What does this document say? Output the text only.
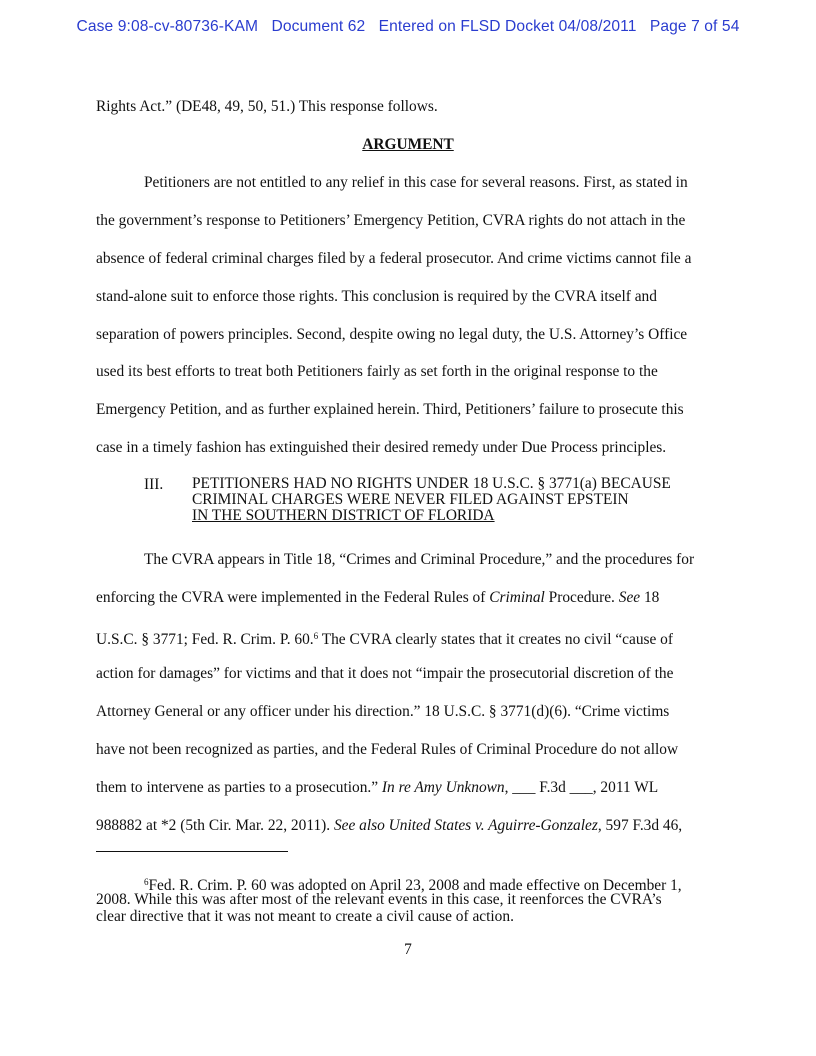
Case 9:08-cv-80736-KAM Document 62 Entered on FLSD Docket 04/08/2011 Page 7 of 54
Rights Act.” (DE48, 49, 50, 51.) This response follows.
ARGUMENT
Petitioners are not entitled to any relief in this case for several reasons. First, as stated in
the government’s response to Petitioners’ Emergency Petition, CVRA rights do not attach in the
absence of federal criminal charges filed by a federal prosecutor. And crime victims cannot file a
stand-alone suit to enforce those rights. This conclusion is required by the CVRA itself and
separation of powers principles. Second, despite owing no legal duty, the U.S. Attorney’s Office
used its best efforts to treat both Petitioners fairly as set forth in the original response to the
Emergency Petition, and as further explained herein. Third, Petitioners’ failure to prosecute this
case in a timely fashion has extinguished their desired remedy under Due Process principles.
III. PETITIONERS HAD NO RIGHTS UNDER 18 U.S.C. § 3771(a) BECAUSE
CRIMINAL CHARGES WERE NEVER FILED AGAINST EPSTEIN
IN THE SOUTHERN DISTRICT OF FLORIDA
The CVRA appears in Title 18, “Crimes and Criminal Procedure,” and the procedures for
enforcing the CVRA were implemented in the Federal Rules of Criminal Procedure. See 18
U.S.C. § 3771; Fed. R. Crim. P. 60.$^6$ The CVRA clearly states that it creates no civil “cause of
action for damages” for victims and that it does not “impair the prosecutorial discretion of the
Attorney General or any officer under his direction.” 18 U.S.C. § 3771(d)(6). “Crime victims
have not been recognized as parties, and the Federal Rules of Criminal Procedure do not allow
them to intervene as parties to a prosecution.” In re Amy Unknown, ___ F.3d ___, 2011 WL
988882 at *2 (5th Cir. Mar. 22, 2011). See also United States v. Aguirre-Gonzalez, 597 F.3d 46,
$^6$Fed. R. Crim. P. 60 was adopted on April 23, 2008 and made effective on December 1,
2008. While this was after most of the relevant events in this case, it reenforces the CVRA’s
clear directive that it was not meant to create a civil cause of action.
7
